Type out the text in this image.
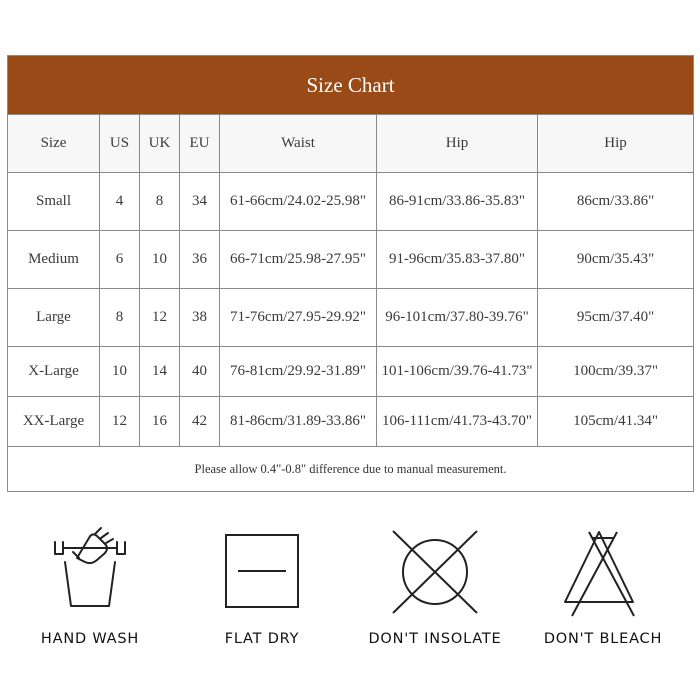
Size Chart						
Size	US	UK	EU	Waist	Hip	Hip
Small	4	8	34	61-66cm/24.02-25.98"	86-91cm/33.86-35.83"	86cm/33.86"
Medium	6	10	36	66-71cm/25.98-27.95"	91-96cm/35.83-37.80"	90cm/35.43"
Large	8	12	38	71-76cm/27.95-29.92"	96-101cm/37.80-39.76"	95cm/37.40"
X-Large	10	14	40	76-81cm/29.92-31.89"	101-106cm/39.76-41.73"	100cm/39.37"
XX-Large	12	16	42	81-86cm/31.89-33.86"	106-111cm/41.73-43.70"	105cm/41.34"
Please allow 0.4"-0.8" difference due to manual measurement.						
HAND WASH	FLAT DRY	DON'T INSOLATE	DON'T BLEACH
